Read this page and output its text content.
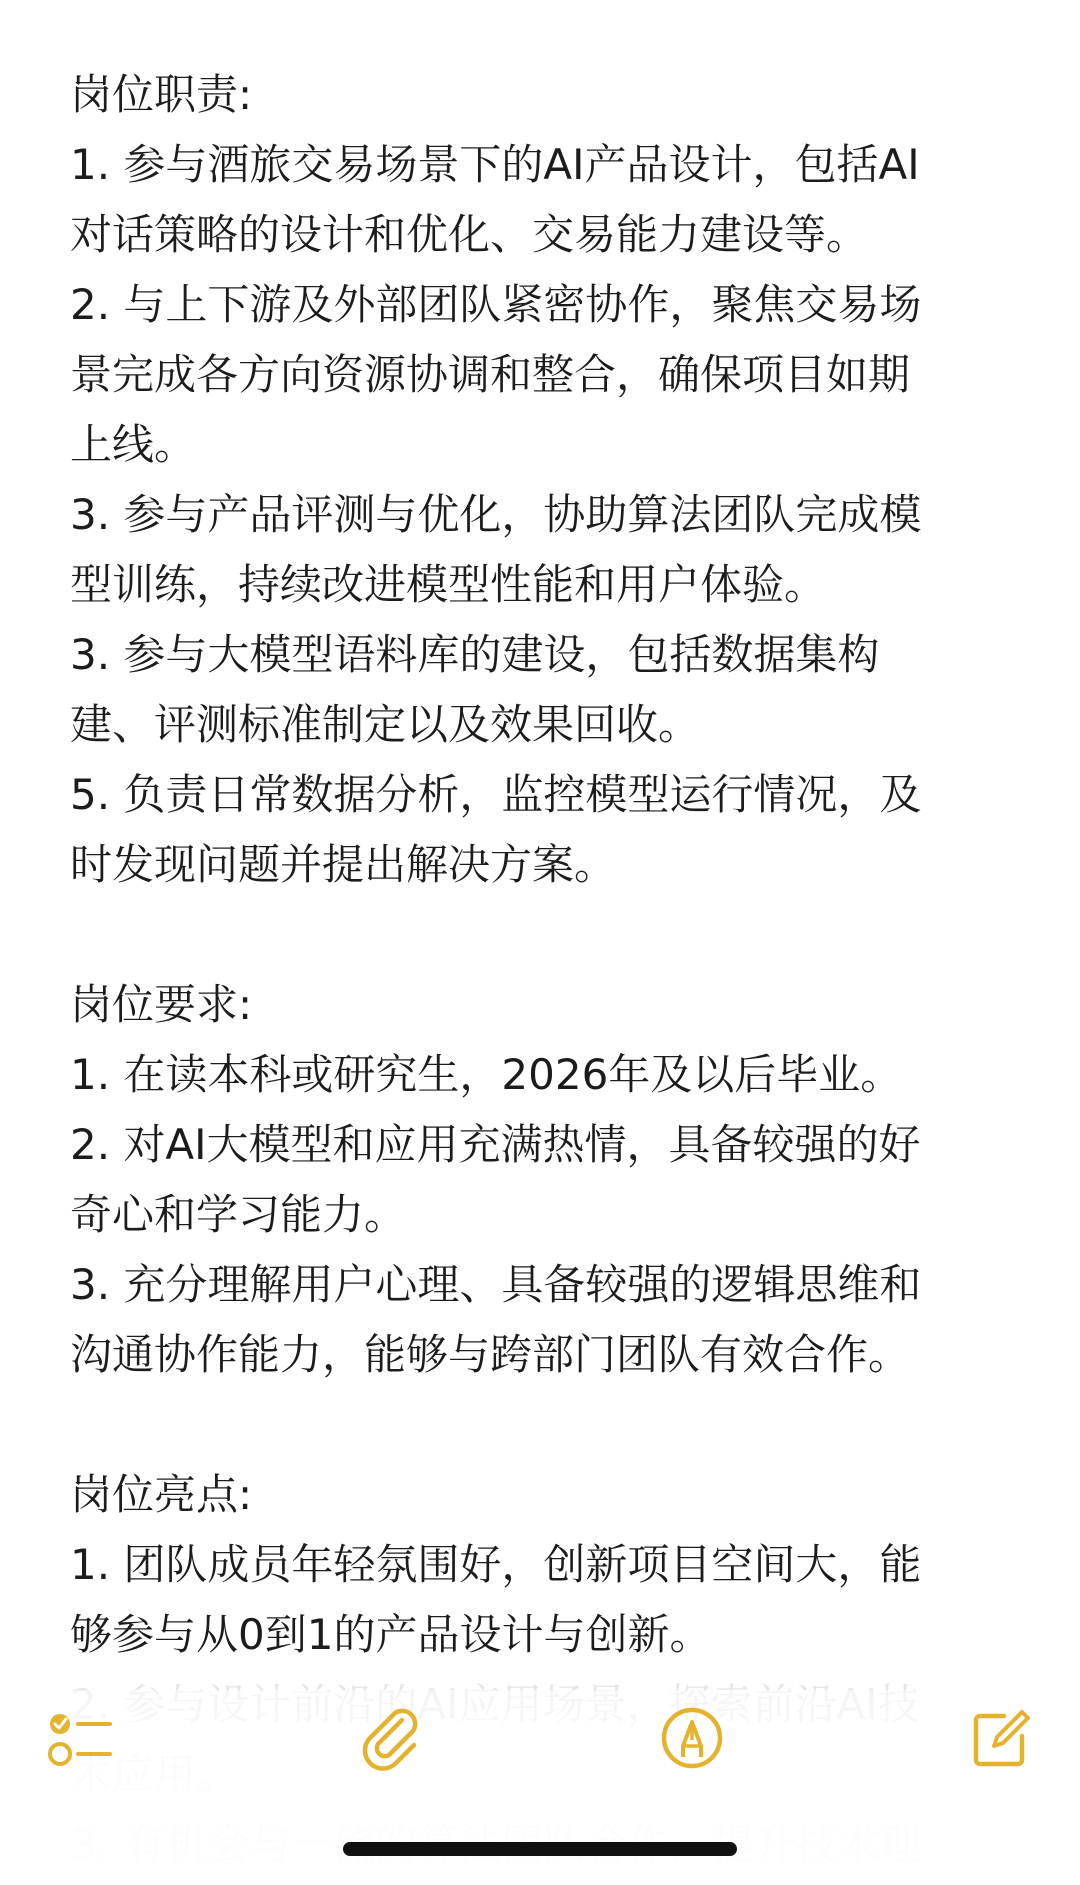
岗位职责:
1. 参与酒旅交易场景下的AI产品设计，包括AI
对话策略的设计和优化、交易能力建设等。
2. 与上下游及外部团队紧密协作，聚焦交易场
景完成各方向资源协调和整合，确保项目如期
上线。
3. 参与产品评测与优化，协助算法团队完成模
型训练，持续改进模型性能和用户体验。
3. 参与大模型语料库的建设，包括数据集构
建、评测标准制定以及效果回收。
5. 负责日常数据分析，监控模型运行情况，及
时发现问题并提出解决方案。
岗位要求:
1. 在读本科或研究生，2026年及以后毕业。
2. 对AI大模型和应用充满热情，具备较强的好
奇心和学习能力。
3. 充分理解用户心理、具备较强的逻辑思维和
沟通协作能力，能够与跨部门团队有效合作。
岗位亮点:
1. 团队成员年轻氛围好，创新项目空间大，能
够参与从0到1的产品设计与创新。
